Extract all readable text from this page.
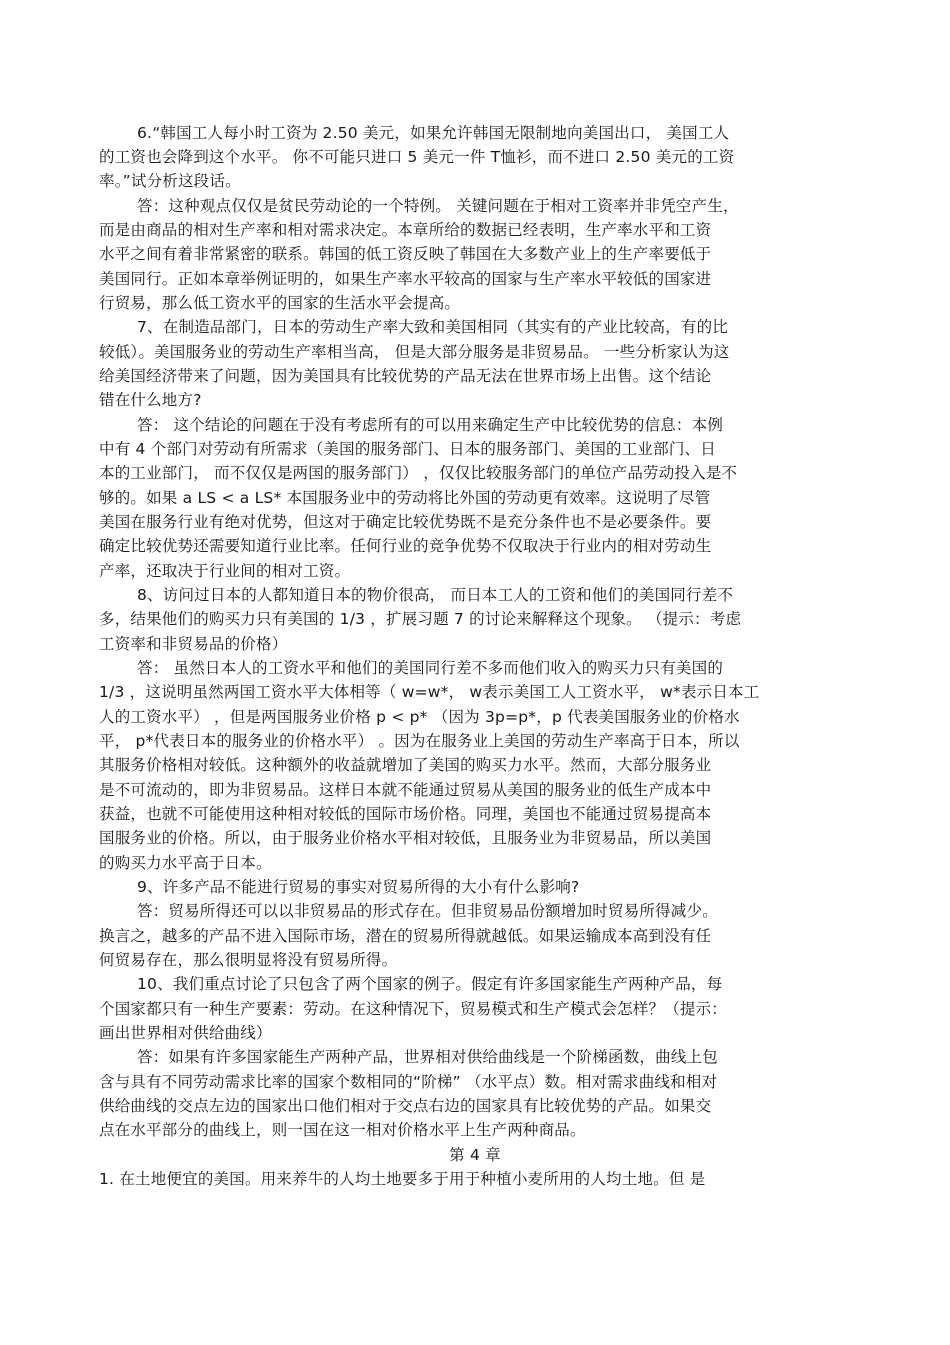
6.“韩国工人每小时工资为 2.50 美元，如果允许韩国无限制地向美国出口， 美国工人
的工资也会降到这个水平。 你不可能只进口 5 美元一件 T恤衫，而不进口 2.50 美元的工资
率。”试分析这段话。
答：这种观点仅仅是贫民劳动论的一个特例。 关键问题在于相对工资率并非凭空产生，
而是由商品的相对生产率和相对需求决定。本章所给的数据已经表明，生产率水平和工资
水平之间有着非常紧密的联系。韩国的低工资反映了韩国在大多数产业上的生产率要低于
美国同行。正如本章举例证明的，如果生产率水平较高的国家与生产率水平较低的国家进
行贸易，那么低工资水平的国家的生活水平会提高。
7、在制造品部门，日本的劳动生产率大致和美国相同（其实有的产业比较高，有的比
较低）。美国服务业的劳动生产率相当高， 但是大部分服务是非贸易品。 一些分析家认为这
给美国经济带来了问题，因为美国具有比较优势的产品无法在世界市场上出售。这个结论
错在什么地方?
答： 这个结论的问题在于没有考虑所有的可以用来确定生产中比较优势的信息：本例
中有 4 个部门对劳动有所需求（美国的服务部门、日本的服务部门、美国的工业部门、日
本的工业部门， 而不仅仅是两国的服务部门） ，仅仅比较服务部门的单位产品劳动投入是不
够的。如果 a LS < a LS* 本国服务业中的劳动将比外国的劳动更有效率。这说明了尽管
美国在服务行业有绝对优势，但这对于确定比较优势既不是充分条件也不是必要条件。要
确定比较优势还需要知道行业比率。任何行业的竞争优势不仅取决于行业内的相对劳动生
产率，还取决于行业间的相对工资。
8、访问过日本的人都知道日本的物价很高， 而日本工人的工资和他们的美国同行差不
多，结果他们的购买力只有美国的 1/3 ，扩展习题 7 的讨论来解释这个现象。 （提示：考虑
工资率和非贸易品的价格）
答： 虽然日本人的工资水平和他们的美国同行差不多而他们收入的购买力只有美国的
1/3 ，这说明虽然两国工资水平大体相等（ w=w*， w表示美国工人工资水平， w*表示日本工
人的工资水平） ，但是两国服务业价格 p < p* （因为 3p=p*，p 代表美国服务业的价格水
平， p*代表日本的服务业的价格水平） 。因为在服务业上美国的劳动生产率高于日本，所以
其服务价格相对较低。这种额外的收益就增加了美国的购买力水平。然而，大部分服务业
是不可流动的，即为非贸易品。这样日本就不能通过贸易从美国的服务业的低生产成本中
获益，也就不可能使用这种相对较低的国际市场价格。同理，美国也不能通过贸易提高本
国服务业的价格。所以，由于服务业价格水平相对较低，且服务业为非贸易品，所以美国
的购买力水平高于日本。
9、许多产品不能进行贸易的事实对贸易所得的大小有什么影响?
答：贸易所得还可以以非贸易品的形式存在。但非贸易品份额增加时贸易所得减少。
换言之，越多的产品不进入国际市场，潜在的贸易所得就越低。如果运输成本高到没有任
何贸易存在，那么很明显将没有贸易所得。
10、我们重点讨论了只包含了两个国家的例子。假定有许多国家能生产两种产品，每
个国家都只有一种生产要素：劳动。在这种情况下，贸易模式和生产模式会怎样？（提示：
画出世界相对供给曲线）
答：如果有许多国家能生产两种产品，世界相对供给曲线是一个阶梯函数，曲线上包
含与具有不同劳动需求比率的国家个数相同的“阶梯” （水平点）数。相对需求曲线和相对
供给曲线的交点左边的国家出口他们相对于交点右边的国家具有比较优势的产品。如果交
点在水平部分的曲线上，则一国在这一相对价格水平上生产两种商品。
第 4 章
1. 在土地便宜的美国。用来养牛的人均土地要多于用于种植小麦所用的人均土地。但 是
